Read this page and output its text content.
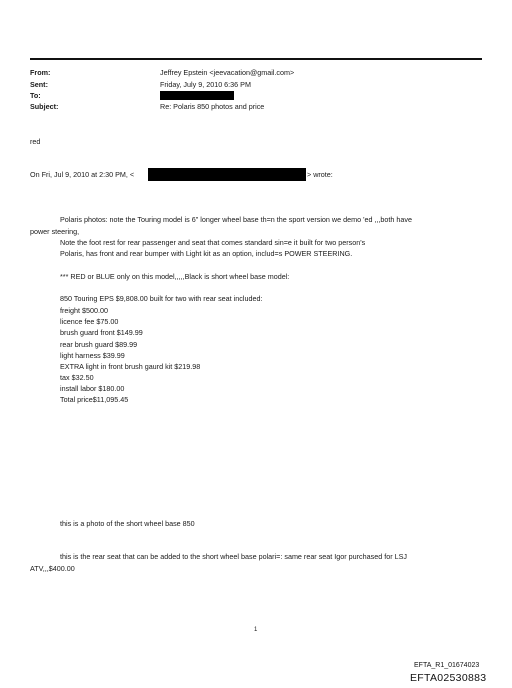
From:
Sent:
To:
Subject:
Jeffrey Epstein <jeevacation@gmail.com>
Friday, July 9, 2010 6:36 PM
Re: Polaris 850 photos and price
red
On Fri, Jul 9, 2010 at 2:30 PM, <	> wrote:
Polaris photos: note the Touring model is 6" longer wheel base th=n the sport version we demo 'ed ,,,both have
power steering,
Note the foot rest for rear passenger and seat that comes standard sin=e it built for two person's
Polaris, has front and rear bumper with Light kit as an option, includ=s POWER STEERING.
*** RED or BLUE only on this model,,,,,Black is short wheel base model:
850 Touring EPS $9,808.00 built for two with rear seat included:
freight $500.00
licence fee $75.00
brush guard front $149.99
rear brush guard $89.99
light harness $39.99
EXTRA light in front brush gaurd kit $219.98
tax $32.50
install labor $180.00
Total price$11,095.45
this is a photo of the short wheel base 850
this is the rear seat that can be added to the short wheel base polari=: same rear seat Igor purchased for LSJ
ATV,,,$400.00
1
EFTA_R1_01674023
EFTA02530883
